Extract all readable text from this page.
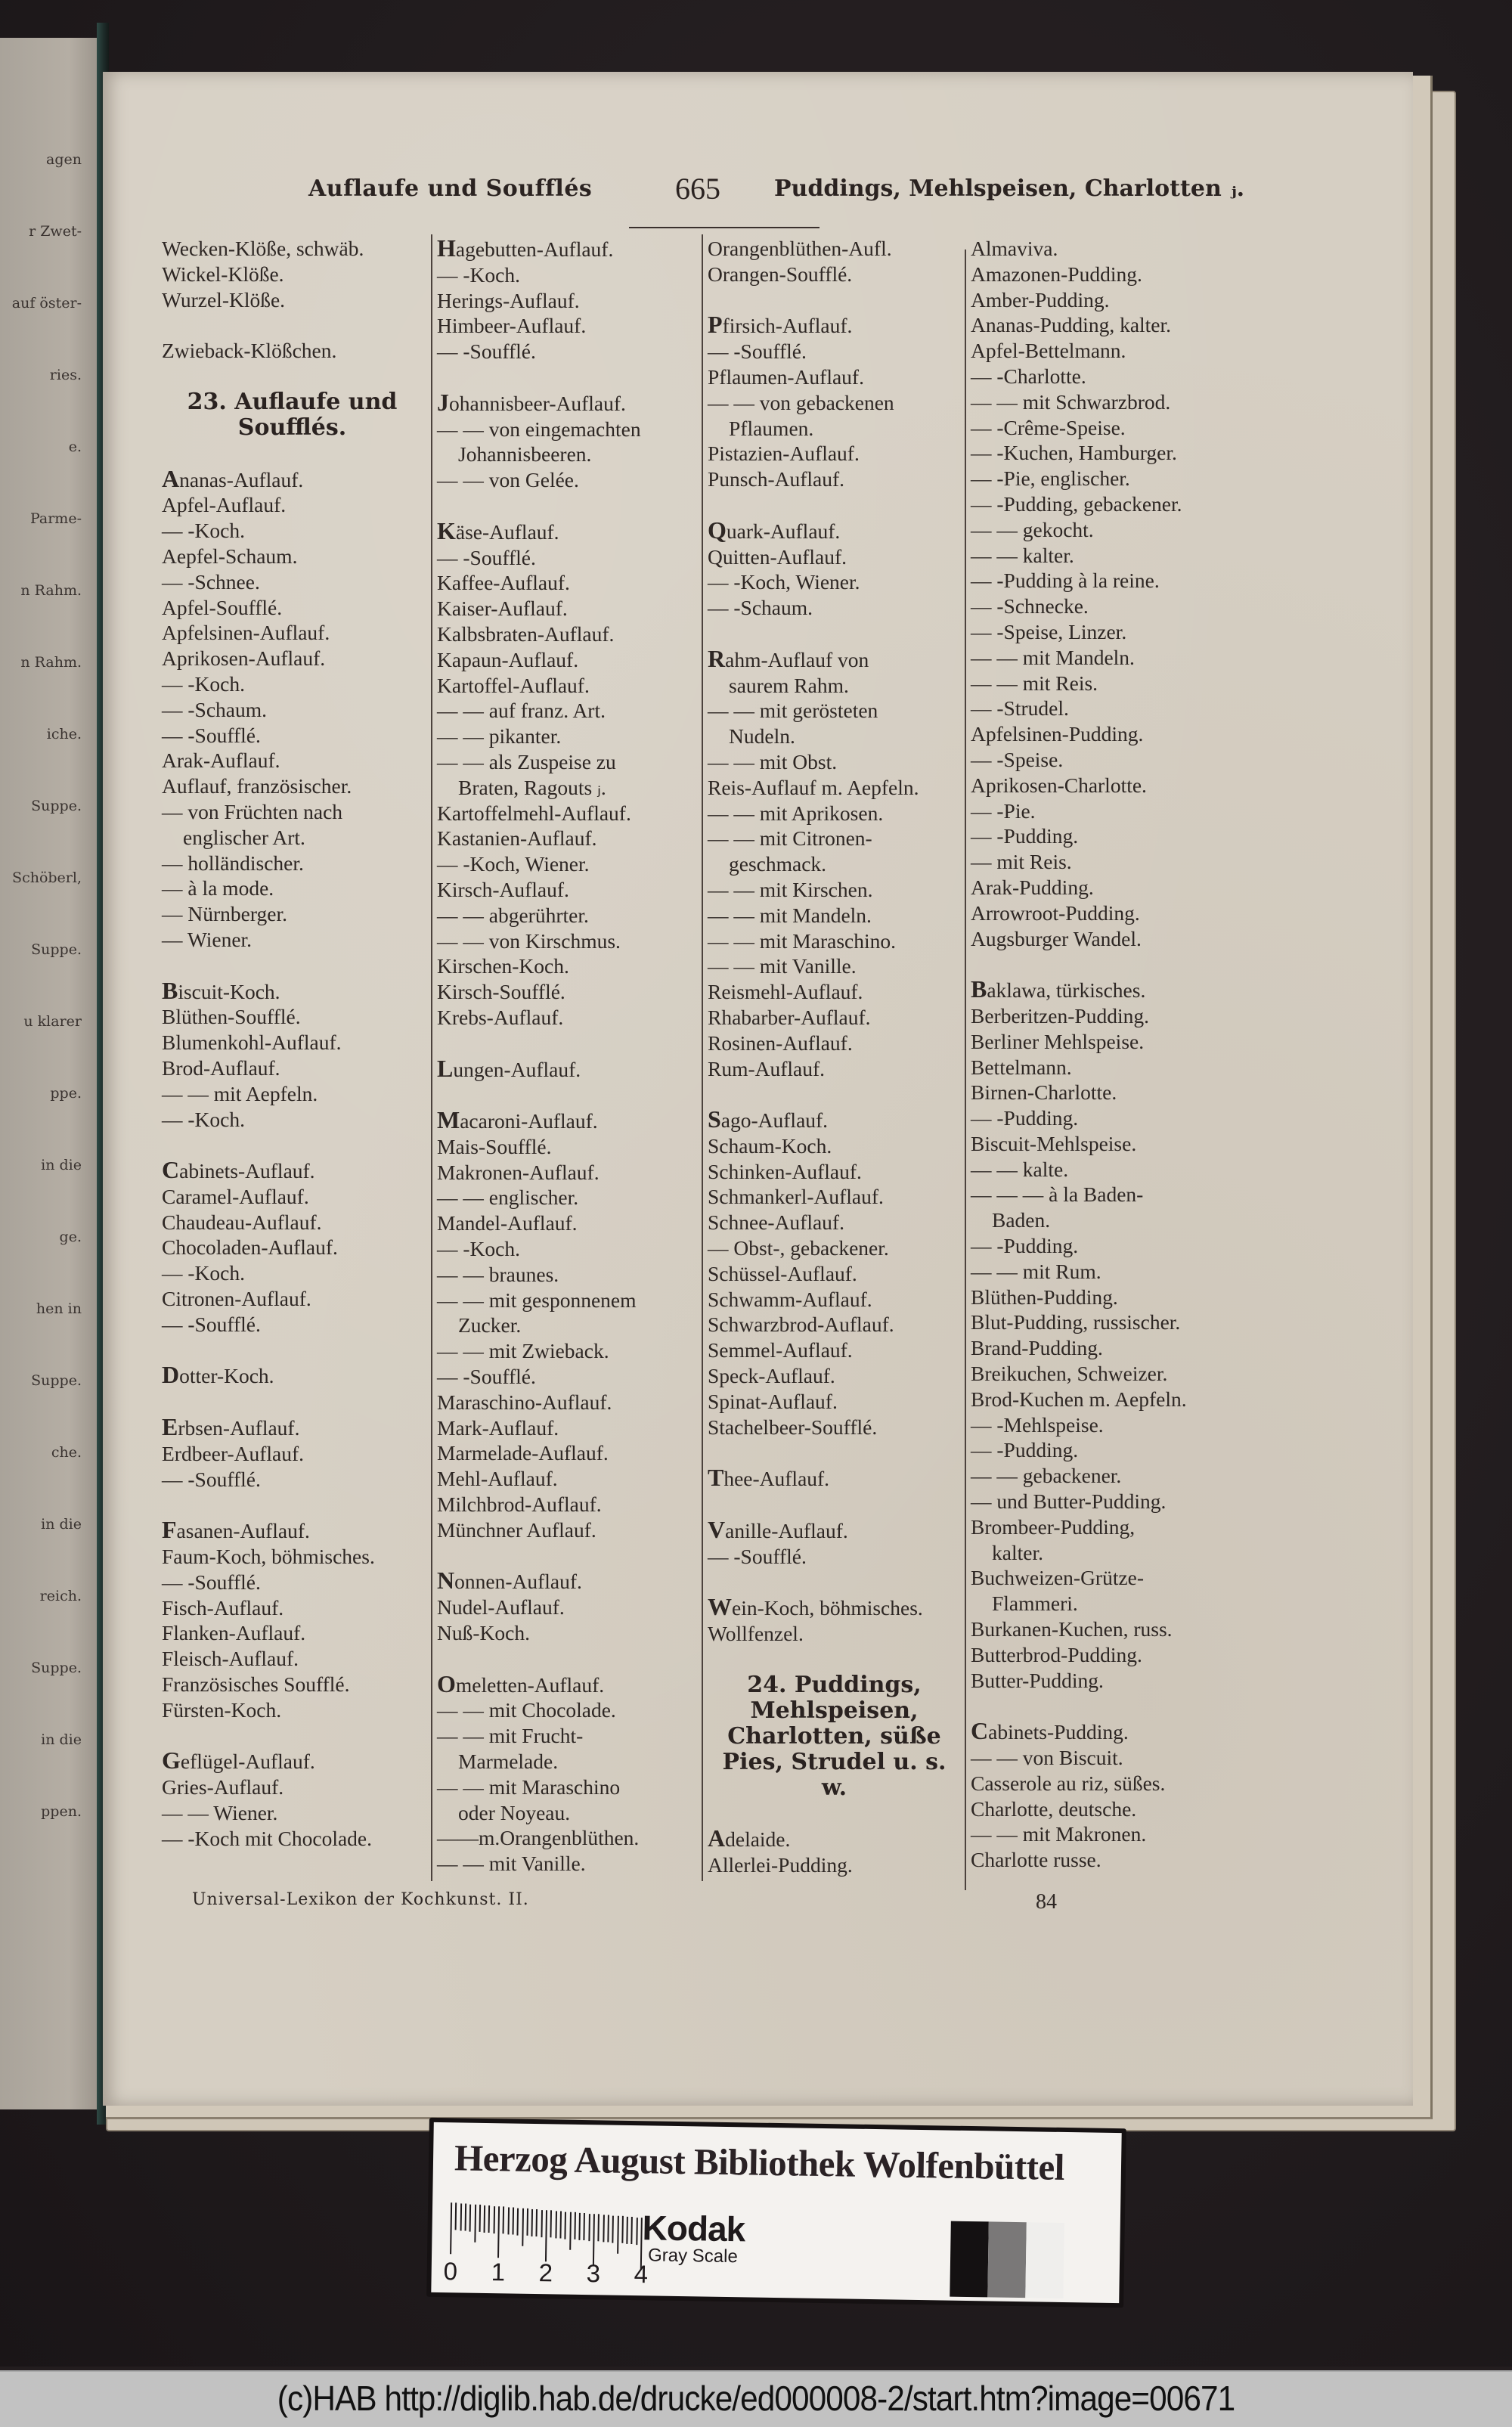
agen
r Zwet-
auf öster-
ries.
e.
Parme-
n Rahm.
n Rahm.
iche.
Suppe.
Schöberl,
Suppe.
u klarer
ppe.
in die
ge.
hen in
Suppe.
che.
in die
reich.
Suppe.
in die
ppen.
Auflaufe und Soufflés	665 Puddings, Mehlspeisen, Charlotten ⱼ.
Wecken-Klöße, schwäb.
Wickel-Klöße.
Wurzel-Klöße.
Zwieback-Klößchen.
23. Auflaufe und Soufflés.
Ananas-Auflauf.
Apfel-Auflauf.
— -Koch.
Aepfel-Schaum.
— -Schnee.
Apfel-Soufflé.
Apfelsinen-Auflauf.
Aprikosen-Auflauf.
— -Koch.
— -Schaum.
— -Soufflé.
Arak-Auflauf.
Auflauf, französischer.
— von Früchten nach
englischer Art.
— holländischer.
— à la mode.
— Nürnberger.
— Wiener.
Biscuit-Koch.
Blüthen-Soufflé.
Blumenkohl-Auflauf.
Brod-Auflauf.
— — mit Aepfeln.
— -Koch.
Cabinets-Auflauf.
Caramel-Auflauf.
Chaudeau-Auflauf.
Chocoladen-Auflauf.
— -Koch.
Citronen-Auflauf.
— -Soufflé.
Dotter-Koch.
Erbsen-Auflauf.
Erdbeer-Auflauf.
— -Soufflé.
Fasanen-Auflauf.
Faum-Koch, böhmisches.
— -Soufflé.
Fisch-Auflauf.
Flanken-Auflauf.
Fleisch-Auflauf.
Französisches Soufflé.
Fürsten-Koch.
Geflügel-Auflauf.
Gries-Auflauf.
— — Wiener.
— -Koch mit Chocolade.
Hagebutten-Auflauf.
— -Koch.
Herings-Auflauf.
Himbeer-Auflauf.
— -Soufflé.
Johannisbeer-Auflauf.
— — von eingemachten
Johannisbeeren.
— — von Gelée.
Käse-Auflauf.
— -Soufflé.
Kaffee-Auflauf.
Kaiser-Auflauf.
Kalbsbraten-Auflauf.
Kapaun-Auflauf.
Kartoffel-Auflauf.
— — auf franz. Art.
— — pikanter.
— — als Zuspeise zu
Braten, Ragouts ⱼ.
Kartoffelmehl-Auflauf.
Kastanien-Auflauf.
— -Koch, Wiener.
Kirsch-Auflauf.
— — abgerührter.
— — von Kirschmus.
Kirschen-Koch.
Kirsch-Soufflé.
Krebs-Auflauf.
Lungen-Auflauf.
Macaroni-Auflauf.
Mais-Soufflé.
Makronen-Auflauf.
— — englischer.
Mandel-Auflauf.
— -Koch.
— — braunes.
— — mit gesponnenem
Zucker.
— — mit Zwieback.
— -Soufflé.
Maraschino-Auflauf.
Mark-Auflauf.
Marmelade-Auflauf.
Mehl-Auflauf.
Milchbrod-Auflauf.
Münchner Auflauf.
Nonnen-Auflauf.
Nudel-Auflauf.
Nuß-Koch.
Omeletten-Auflauf.
— — mit Chocolade.
— — mit Frucht-
Marmelade.
— — mit Maraschino
oder Noyeau.
——m.Orangenblüthen.
— — mit Vanille.
Orangenblüthen-Aufl.
Orangen-Soufflé.
Pfirsich-Auflauf.
— -Soufflé.
Pflaumen-Auflauf.
— — von gebackenen
Pflaumen.
Pistazien-Auflauf.
Punsch-Auflauf.
Quark-Auflauf.
Quitten-Auflauf.
— -Koch, Wiener.
— -Schaum.
Rahm-Auflauf von
saurem Rahm.
— — mit gerösteten
Nudeln.
— — mit Obst.
Reis-Auflauf m. Aepfeln.
— — mit Aprikosen.
— — mit Citronen-
geschmack.
— — mit Kirschen.
— — mit Mandeln.
— — mit Maraschino.
— — mit Vanille.
Reismehl-Auflauf.
Rhabarber-Auflauf.
Rosinen-Auflauf.
Rum-Auflauf.
Sago-Auflauf.
Schaum-Koch.
Schinken-Auflauf.
Schmankerl-Auflauf.
Schnee-Auflauf.
— Obst-, gebackener.
Schüssel-Auflauf.
Schwamm-Auflauf.
Schwarzbrod-Auflauf.
Semmel-Auflauf.
Speck-Auflauf.
Spinat-Auflauf.
Stachelbeer-Soufflé.
Thee-Auflauf.
Vanille-Auflauf.
— -Soufflé.
Wein-Koch, böhmisches.
Wollfenzel.
24. Puddings, Mehlspeisen, Charlotten, süße Pies, Strudel u. s. w.
Adelaide.
Allerlei-Pudding.
Almaviva.
Amazonen-Pudding.
Amber-Pudding.
Ananas-Pudding, kalter.
Apfel-Bettelmann.
— -Charlotte.
— — mit Schwarzbrod.
— -Crême-Speise.
— -Kuchen, Hamburger.
— -Pie, englischer.
— -Pudding, gebackener.
— — gekocht.
— — kalter.
— -Pudding à la reine.
— -Schnecke.
— -Speise, Linzer.
— — mit Mandeln.
— — mit Reis.
— -Strudel.
Apfelsinen-Pudding.
— -Speise.
Aprikosen-Charlotte.
— -Pie.
— -Pudding.
— mit Reis.
Arak-Pudding.
Arrowroot-Pudding.
Augsburger Wandel.
Baklawa, türkisches.
Berberitzen-Pudding.
Berliner Mehlspeise.
Bettelmann.
Birnen-Charlotte.
— -Pudding.
Biscuit-Mehlspeise.
— — kalte.
— — — à la Baden-
Baden.
— -Pudding.
— — mit Rum.
Blüthen-Pudding.
Blut-Pudding, russischer.
Brand-Pudding.
Breikuchen, Schweizer.
Brod-Kuchen m. Aepfeln.
— -Mehlspeise.
— -Pudding.
— — gebackener.
— und Butter-Pudding.
Brombeer-Pudding,
kalter.
Buchweizen-Grütze-
Flammeri.
Burkanen-Kuchen, russ.
Butterbrod-Pudding.
Butter-Pudding.
Cabinets-Pudding.
— — von Biscuit.
Casserole au riz, süßes.
Charlotte, deutsche.
— — mit Makronen.
Charlotte russe.
Universal-Lexikon der Kochkunst. II.	84
Herzog August Bibliothek Wolfenbüttel
0 1 2 3 4
Kodak
Gray Scale
(c)HAB http://diglib.hab.de/drucke/ed000008-2/start.htm?image=00671
